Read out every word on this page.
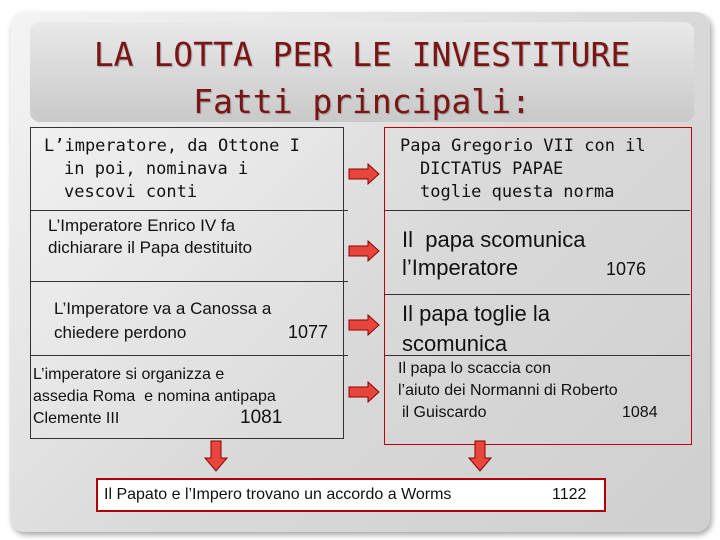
LA LOTTA PER LE INVESTITURE
Fatti principali:
L’imperatore, da Ottone I
in poi, nominava i
vescovi conti
L’Imperatore Enrico IV fa
dichiarare il Papa destituito
L’Imperatore va a Canossa a
chiedere perdono	1077
L’imperatore si organizza e
assedia Roma  e nomina antipapa
Clemente III	1081
Papa Gregorio VII con il
DICTATUS PAPAE
toglie questa norma
Il  papa scomunica
l’Imperatore	1076
Il papa toglie la
scomunica
Il papa lo scaccia con
l’aiuto dei Normanni di Roberto
il Guiscardo	1084
Il Papato e l’Impero trovano un accordo a Worms	1122
